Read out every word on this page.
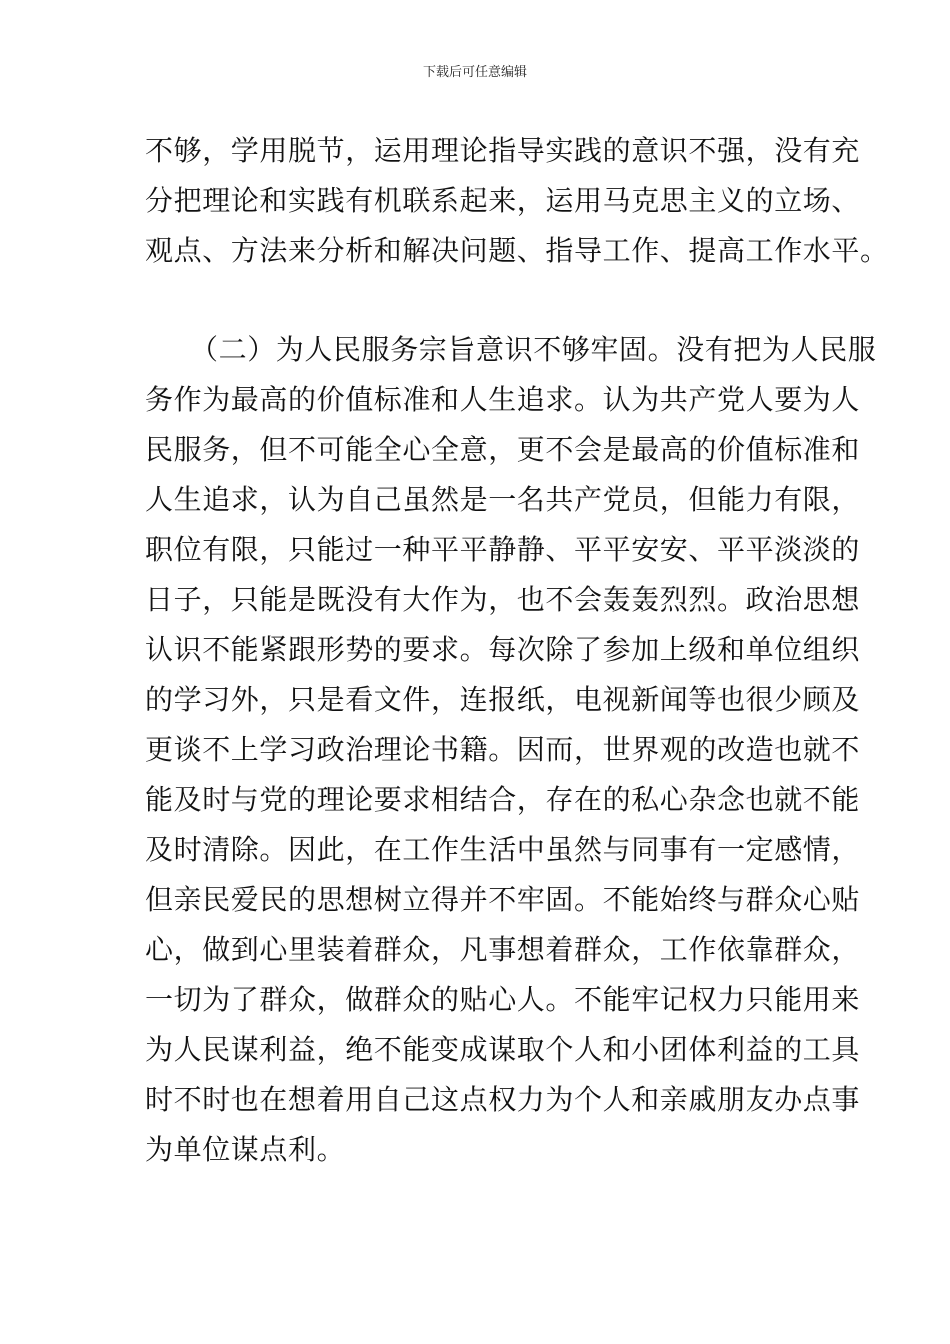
下载后可任意编辑
不够，学用脱节，运用理论指导实践的意识不强，没有充
分把理论和实践有机联系起来，运用马克思主义的立场、
观点、方法来分析和解决问题、指导工作、提高工作水平。
（二）为人民服务宗旨意识不够牢固。没有把为人民服
务作为最高的价值标准和人生追求。认为共产党人要为人
民服务，但不可能全心全意，更不会是最高的价值标准和
人生追求，认为自己虽然是一名共产党员，但能力有限，
职位有限，只能过一种平平静静、平平安安、平平淡淡的
日子，只能是既没有大作为，也不会轰轰烈烈。政治思想
认识不能紧跟形势的要求。每次除了参加上级和单位组织
的学习外，只是看文件，连报纸，电视新闻等也很少顾及
更谈不上学习政治理论书籍。因而，世界观的改造也就不
能及时与党的理论要求相结合，存在的私心杂念也就不能
及时清除。因此，在工作生活中虽然与同事有一定感情，
但亲民爱民的思想树立得并不牢固。不能始终与群众心贴
心，做到心里装着群众，凡事想着群众，工作依靠群众，
一切为了群众，做群众的贴心人。不能牢记权力只能用来
为人民谋利益，绝不能变成谋取个人和小团体利益的工具
时不时也在想着用自己这点权力为个人和亲戚朋友办点事
为单位谋点利。
